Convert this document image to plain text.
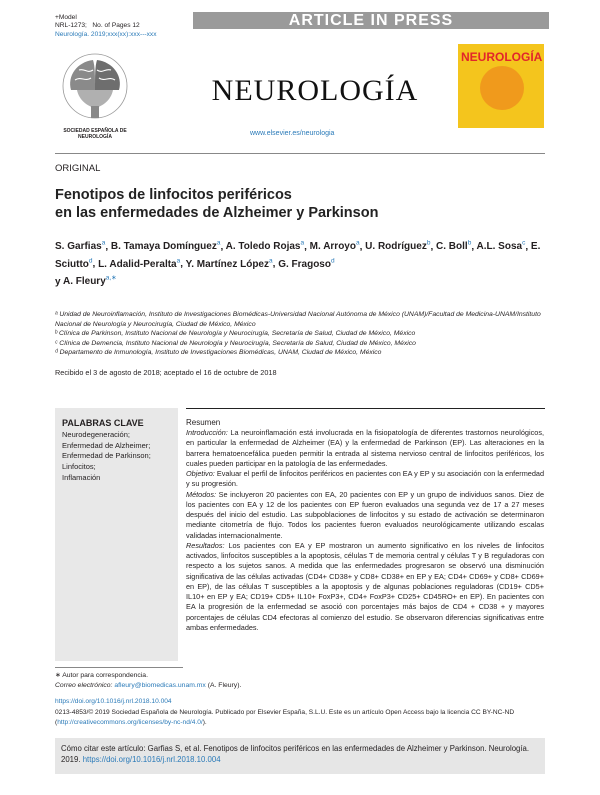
+Model
NRL-1273; No. of Pages 12
Neurología. 2019;xxx(xx):xxx---xxx
ARTICLE IN PRESS
SOCIEDAD ESPAÑOLA DE NEUROLOGÍA
NEUROLOGÍA
www.elsevier.es/neurologia
NEUROLOGÍA
ORIGINAL
Fenotipos de linfocitos periféricos
en las enfermedades de Alzheimer y Parkinson
S. Garfias$^a$, B. Tamaya Domínguez$^a$, A. Toledo Rojas$^a$, M. Arroyo$^a$, U. Rodríguez$^b$, C. Boll$^b$, A.L. Sosa$^c$, E. Sciutto$^d$, L. Adalid-Peralta$^a$, Y. Martínez López$^a$, G. Fragoso$^d$
y A. Fleury$^{a,∗}$
ᵃ Unidad de Neuroinflamación, Instituto de Investigaciones Biomédicas-Universidad Nacional Autónoma de México (UNAM)/Facultad de Medicina-UNAM/Instituto Nacional de Neurología y Neurocirugía, Ciudad de México, México
ᵇ Clínica de Parkinson, Instituto Nacional de Neurología y Neurocirugía, Secretaría de Salud, Ciudad de México, México
ᶜ Clínica de Demencia, Instituto Nacional de Neurología y Neurocirugía, Secretaría de Salud, Ciudad de México, México
ᵈ Departamento de Inmunología, Instituto de Investigaciones Biomédicas, UNAM, Ciudad de México, México
Recibido el 3 de agosto de 2018; aceptado el 16 de octubre de 2018
PALABRAS CLAVE
Neurodegeneración;
Enfermedad de Alzheimer;
Enfermedad de Parkinson;
Linfocitos;
Inflamación
Resumen
Introducción: La neuroinflamación está involucrada en la fisiopatología de diferentes trastornos neurológicos, en particular la enfermedad de Alzheimer (EA) y la enfermedad de Parkinson (EP). Las alteraciones en la barrera hematoencefálica pueden permitir la entrada al sistema nervioso central de linfocitos periféricos, los cuales pueden participar en la patología de las enfermedades.
Objetivo: Evaluar el perfil de linfocitos periféricos en pacientes con EA y EP y su asociación con la enfermedad y su progresión.
Métodos: Se incluyeron 20 pacientes con EA, 20 pacientes con EP y un grupo de individuos sanos. Diez de los pacientes con EA y 12 de los pacientes con EP fueron evaluados una segunda vez de 17 a 27 meses después del inicio del estudio. Las subpoblaciones de linfocitos y su estado de activación se determinaron mediante citometría de flujo. Todos los pacientes fueron evaluados neurológicamente utilizando escalas validadas internacionalmente.
Resultados: Los pacientes con EA y EP mostraron un aumento significativo en los niveles de linfocitos activados, linfocitos susceptibles a la apoptosis, células T de memoria central y células T y B reguladoras con respecto a los sujetos sanos. A medida que las enfermedades progresaron se observó una disminución significativa de las células activadas (CD4+ CD38+ y CD8+ CD38+ en EP y EA; CD4+ CD69+ y CD8+ CD69+ en EP), de las células T susceptibles a la apoptosis y de algunas poblaciones reguladoras (CD19+ CD5+ IL10+ en EP y EA; CD19+ CD5+ IL10+ FoxP3+, CD4+ FoxP3+ CD25+ CD45RO+ en EP). En pacientes con EA la progresión de la enfermedad se asoció con porcentajes más bajos de CD4 + CD38 + y mayores porcentajes de células CD4 efectoras al comienzo del estudio. Se observaron diferencias significativas entre ambas enfermedades.
∗ Autor para correspondencia.
Correo electrónico: afleury@biomedicas.unam.mx (A. Fleury).
https://doi.org/10.1016/j.nrl.2018.10.004
0213-4853/© 2019 Sociedad Española de Neurología. Publicado por Elsevier España, S.L.U. Este es un artículo Open Access bajo la licencia CC BY-NC-ND (http://creativecommons.org/licenses/by-nc-nd/4.0/).
Cómo citar este artículo: Garfias S, et al. Fenotipos de linfocitos periféricos en las enfermedades de Alzheimer y Parkinson. Neurología. 2019. https://doi.org/10.1016/j.nrl.2018.10.004
